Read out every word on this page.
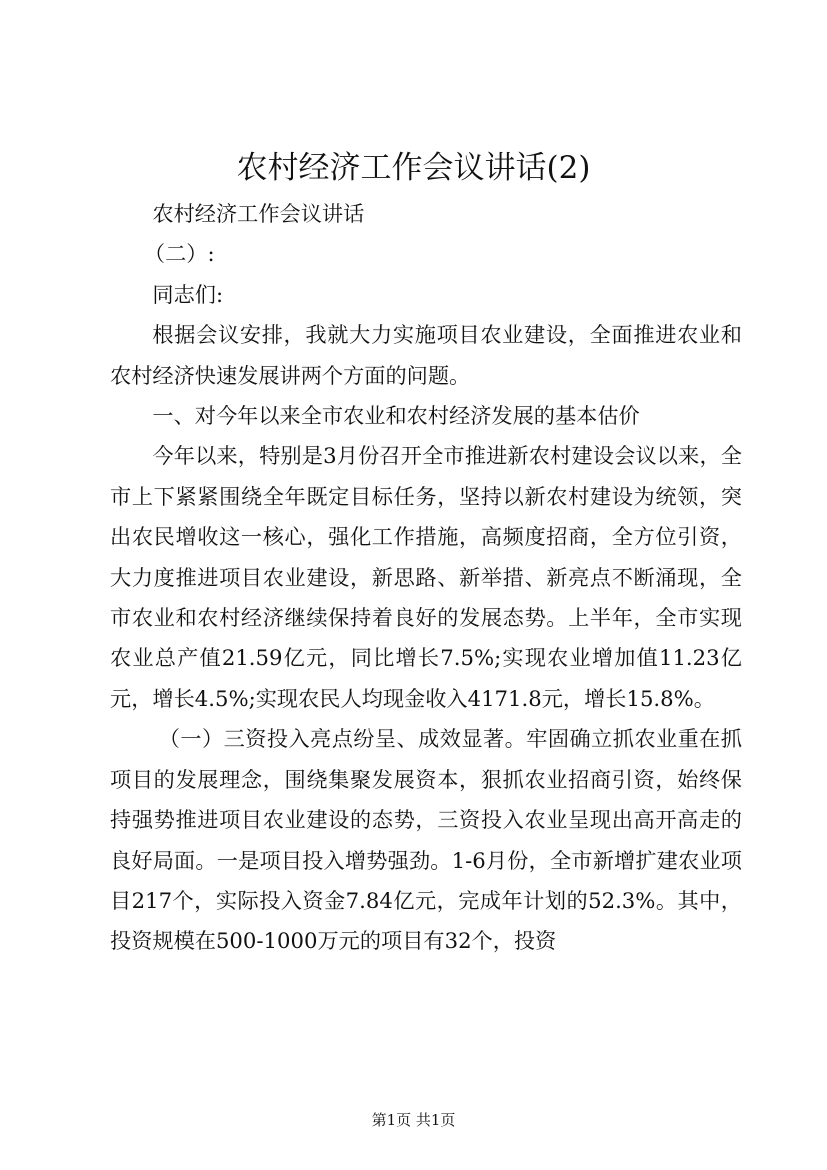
农村经济工作会议讲话(2)

农村经济工作会议讲话

（二）:

同志们:

根据会议安排，我就大力实施项目农业建设，全面推进农业和农村经济快速发展讲两个方面的问题。

一、对今年以来全市农业和农村经济发展的基本估价

今年以来，特别是3月份召开全市推进新农村建设会议以来，全市上下紧紧围绕全年既定目标任务，坚持以新农村建设为统领，突出农民增收这一核心，强化工作措施，高频度招商，全方位引资，大力度推进项目农业建设，新思路、新举措、新亮点不断涌现，全市农业和农村经济继续保持着良好的发展态势。上半年，全市实现农业总产值21.59亿元，同比增长7.5%;实现农业增加值11.23亿元，增长4.5%;实现农民人均现金收入4171.8元，增长15.8%。

（一）三资投入亮点纷呈、成效显著。牢固确立抓农业重在抓项目的发展理念，围绕集聚发展资本，狠抓农业招商引资，始终保持强势推进项目农业建设的态势，三资投入农业呈现出高开高走的良好局面。一是项目投入增势强劲。1-6月份，全市新增扩建农业项目217个，实际投入资金7.84亿元，完成年计划的52.3%。其中，投资规模在500-1000万元的项目有32个，投资

第1页 共1页
